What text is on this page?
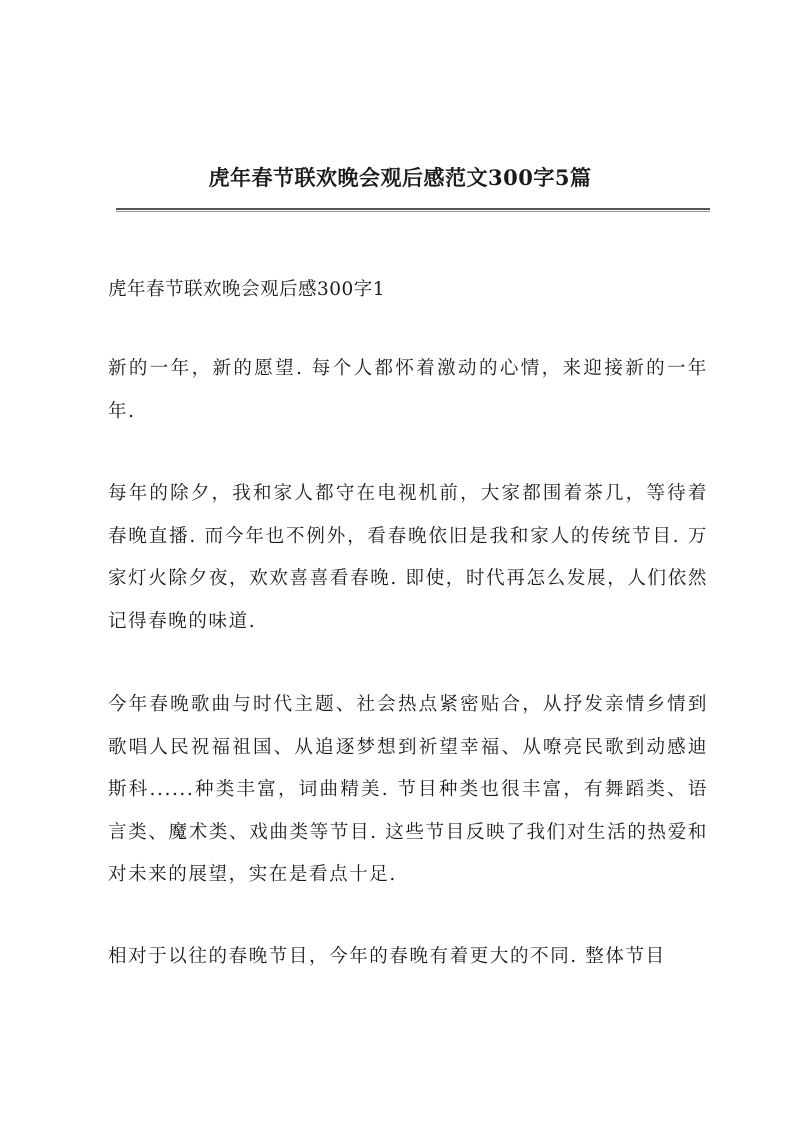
虎年春节联欢晚会观后感范文300字5篇
虎年春节联欢晚会观后感300字1

新的一年，新的愿望. 每个人都怀着激动的心情，来迎接新的一年年.

每年的除夕，我和家人都守在电视机前，大家都围着茶几，等待着春晚直播. 而今年也不例外，看春晚依旧是我和家人的传统节目. 万家灯火除夕夜，欢欢喜喜看春晚. 即使，时代再怎么发展，人们依然记得春晚的味道.

今年春晚歌曲与时代主题、社会热点紧密贴合，从抒发亲情乡情到歌唱人民祝福祖国、从追逐梦想到祈望幸福、从嘹亮民歌到动感迪斯科......种类丰富，词曲精美. 节目种类也很丰富，有舞蹈类、语言类、魔术类、戏曲类等节目. 这些节目反映了我们对生活的热爱和对未来的展望，实在是看点十足.

相对于以往的春晚节目，今年的春晚有着更大的不同. 整体节目
